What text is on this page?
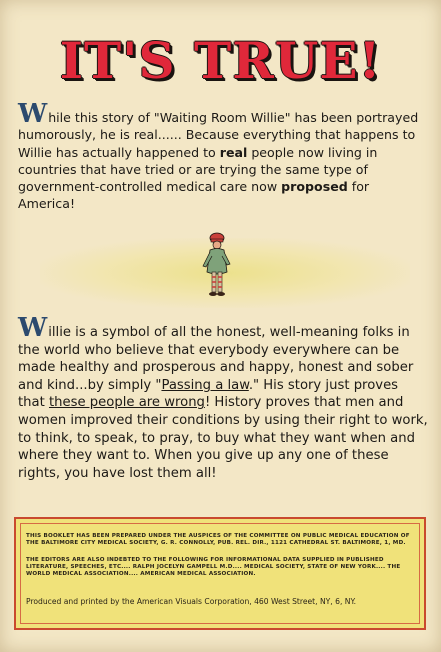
IT'S TRUE!

While this story of "Waiting Room Willie" has been portrayed humorously, he is real...... Because everything that happens to Willie has actually happened to real people now living in countries that have tried or are trying the same type of government-controlled medical care now proposed for America!

Willie is a symbol of all the honest, well-meaning folks in the world who believe that everybody everywhere can be made healthy and prosperous and happy, honest and sober and kind...by simply "Passing a law." His story just proves that these people are wrong! History proves that men and women improved their conditions by using their right to work, to think, to speak, to pray, to buy what they want when and where they want to. When you give up any one of these rights, you have lost them all!

THIS BOOKLET HAS BEEN PREPARED UNDER THE AUSPICES OF THE COMMITTEE ON PUBLIC MEDICAL EDUCATION OF THE BALTIMORE CITY MEDICAL SOCIETY, G. R. CONNOLLY, PUB. REL. DIR., 1121 CATHEDRAL ST. BALTIMORE, 1, MD.

THE EDITORS ARE ALSO INDEBTED TO THE FOLLOWING FOR INFORMATIONAL DATA SUPPLIED IN PUBLISHED LITERATURE, SPEECHES, ETC.... RALPH JOCELYN GAMPELL M.D.... MEDICAL SOCIETY, STATE OF NEW YORK.... THE WORLD MEDICAL ASSOCIATION.... AMERICAN MEDICAL ASSOCIATION.

Produced and printed by the American Visuals Corporation, 460 West Street, NY, 6, NY.
